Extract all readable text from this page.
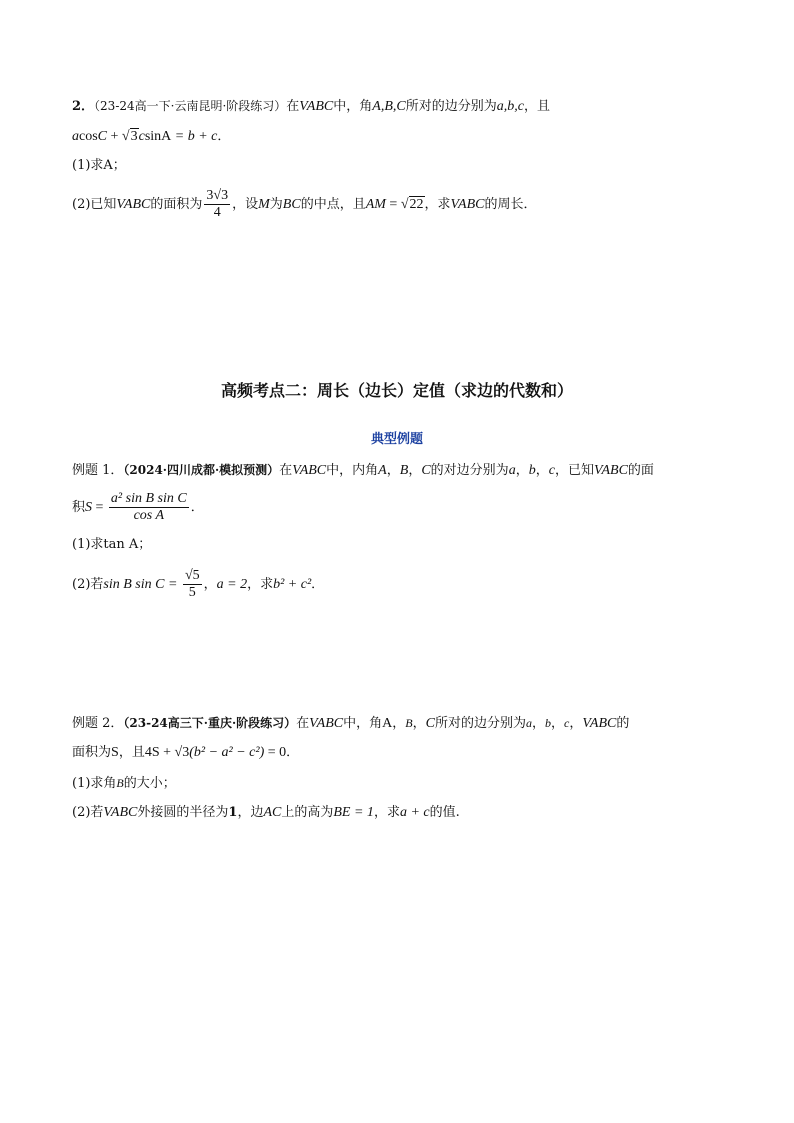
2．（23-24高一下·云南昆明·阶段练习）在VABC中，角A,B,C所对的边分别为a,b,c，且
acosC + √3csinA = b + c．
(1)求A；
(2)已知VABC的面积为 $\frac{3√3}{4}$ ，设M为BC的中点，且AM = √22，求VABC的周长．
高频考点二：周长（边长）定值（求边的代数和）
典型例题
例题 1．（2024·四川成都·模拟预测）在VABC中，内角A，B，C的对边分别为a，b，c，已知VABC的面
积$S = \frac{\text{a² sin B sin C}}{\text{cos A}}$ ．
(1)求tan A；
(2)若sin B $\sin C = \frac{√5}{5}$ ，a = 2，求b² + c²．
例题 2．（23-24高三下·重庆·阶段练习）在VABC中，角A，B，C所对的边分别为a，b，c，VABC的
面积为S，且4S + √3(b² − a² − c²) = 0．
(1)求角B的大小；
(2)若VABC外接圆的半径为1，边AC上的高为BE = 1，求a + c的值.
